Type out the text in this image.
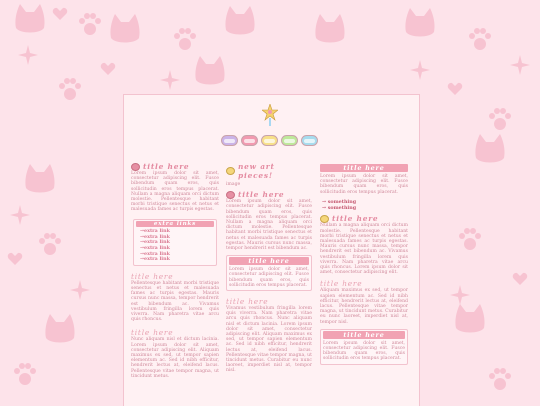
title here
Lorem ipsum dolor sit amet, consectetur adipiscing elit. Fusce bibendum quam eros, quis sollicitudin eros tempus placerat. Nullam a magna aliquam orci dictum molestie. Pellentesque habitant morbi tristique senectus et netus et malesuada fames ac turpis egestas.
extra links
→extra link
→extra link
→extra link
→extra link
→extra link
→extra link
title here
Pellentesque habitant morbi tristique senectus et netus et malesuada fames ac turpis egestas. Mauris cursus nunc massa, tempor hendrerit est bibendum ac. Vivamus vestibulum fringilla lorem quis viverra. Nam pharetra vitae arcu quis rhoncus.
title here
Nunc aliquam nisl et dictum lacinia. Lorem ipsum dolor sit amet, consectetur adipiscing elit. Aliquam maximus ex sed, ut tempor sapien elementum ac. Sed id nibh efficitur, hendrerit lectus at, eleifend lacus. Pellentesque vitae tempor magna, ut tincidunt metus.
new art pieces!
image
title here
Lorem ipsum dolor sit amet, consectetur adipiscing elit. Fusce bibendum quam eros, quis sollicitudin eros tempus placerat. Nullam a magna aliquam orci dictum molestie. Pellentesque habitant morbi tristique senectus et netus et malesuada fames ac turpis egestas. Mauris cursus nunc massa, tempor hendrerit est bibendum ac.
title here
Lorem ipsum dolor sit amet, consectetur adipiscing elit. Fusce bibendum quam eros, quis sollicitudin eros tempus placerat.
title here
Vivamus vestibulum fringilla lorem quis viverra. Nam pharetra vitae arcu quis rhoncus. Nunc aliquam nisl et dictum lacinia. Lorem ipsum dolor sit amet, consectetur adipiscing elit. Aliquam maximus ex sed, ut tempor sapien elementum ac. Sed id nibh efficitur, hendrerit lectus at, eleifend lacus. Pellentesque vitae tempor magna, ut tincidunt metus. Curabitur eu nunc laoreet, imperdiet nisl at, tempor nisl.
title here
Lorem ipsum dolor sit amet, consectetur adipiscing elit. Fusce bibendum quam eros, quis sollicitudin eros tempus placerat.
→ something
→ something
title here
Nullam a magna aliquam orci dictum molestie. Pellentesque habitant morbi tristique senectus et netus et malesuada fames ac turpis egestas. Mauris cursus nunc massa, tempor hendrerit est bibendum ac. Vivamus vestibulum fringilla lorem quis viverra. Nam pharetra vitae arcu quis rhoncus. Lorem ipsum dolor sit amet, consectetur adipiscing elit.
title here
Aliquam maximus ex sed, ut tempor sapien elementum ac. Sed id nibh efficitur, hendrerit lectus at, eleifend lacus. Pellentesque vitae tempor magna, ut tincidunt metus. Curabitur eu nunc laoreet, imperdiet nisl at, tempor nisl.
title here
Lorem ipsum dolor sit amet, consectetur adipiscing elit. Fusce bibendum quam eros, quis sollicitudin eros tempus placerat.
